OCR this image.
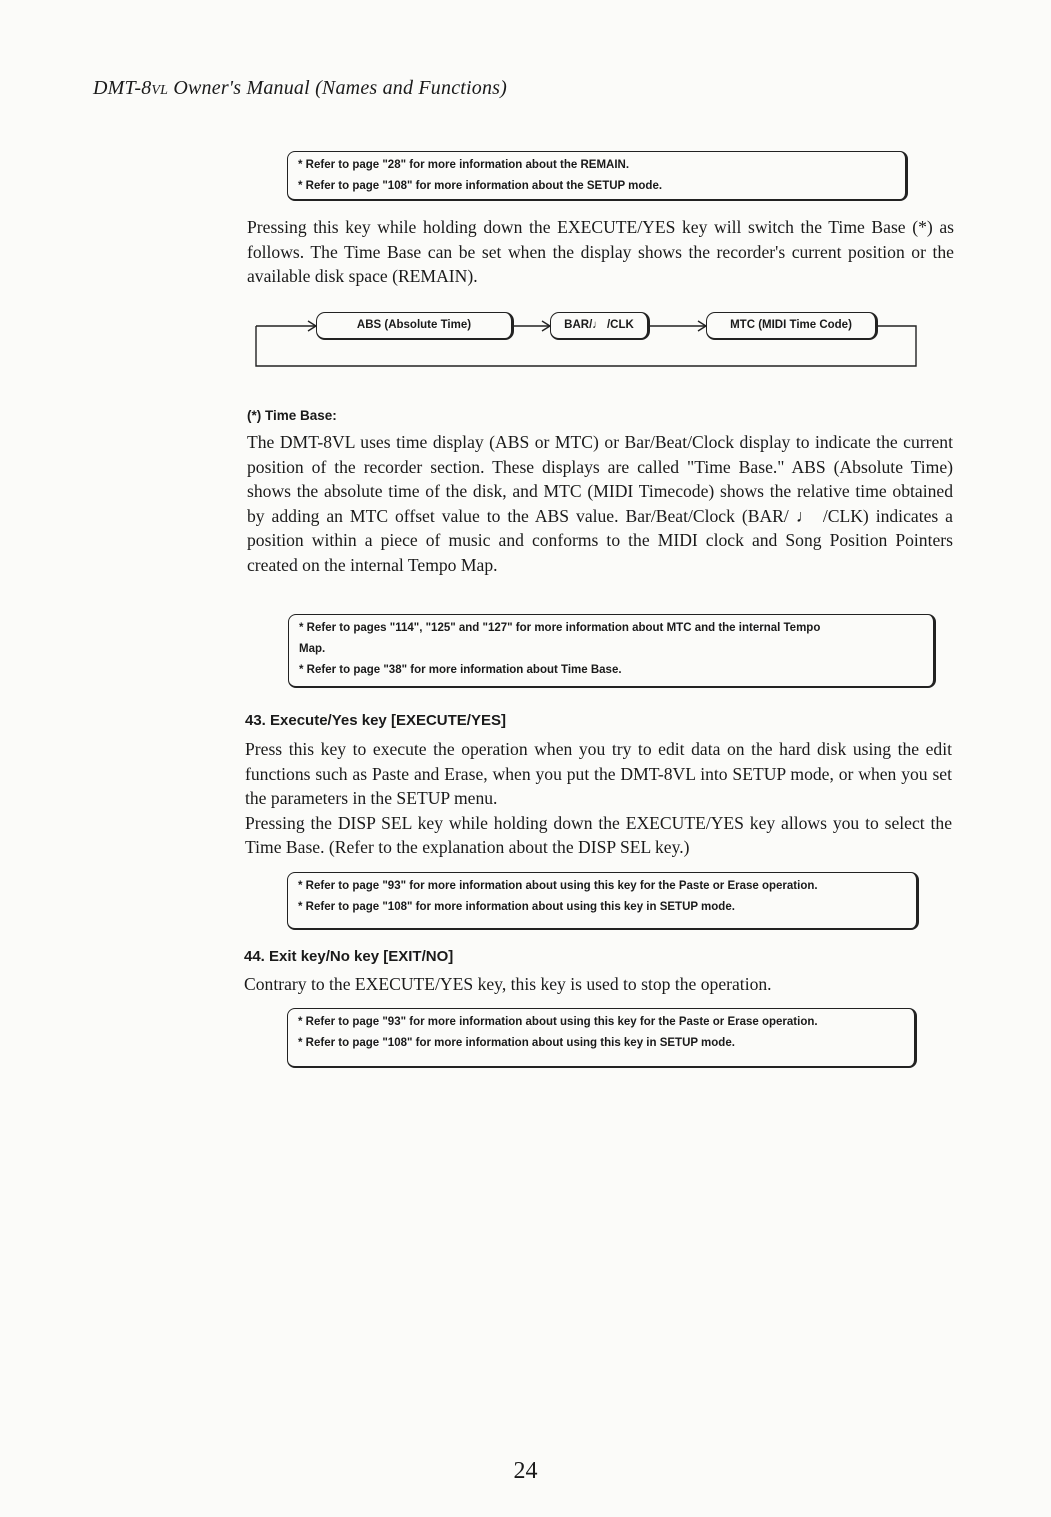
DMT-8VL Owner's Manual (Names and Functions)
* Refer to page "28" for more information about the REMAIN.
* Refer to page "108" for more information about the SETUP mode.

Pressing this key while holding down the EXECUTE/YES key will switch the Time Base (*) as follows. The Time Base can be set when the display shows the recorder's current position or the available disk space (REMAIN).

ABS (Absolute Time)	BAR/♩ /CLK	MTC (MIDI Time Code)
(*) Time Base:

The DMT-8VL uses time display (ABS or MTC) or Bar/Beat/Clock display to indicate the current position of the recorder section. These displays are called "Time Base." ABS (Absolute Time) shows the absolute time of the disk, and MTC (MIDI Timecode) shows the relative time obtained by adding an MTC offset value to the ABS value. Bar/Beat/Clock (BAR/ ♩ /CLK) indicates a position within a piece of music and conforms to the MIDI clock and Song Position Pointers created on the internal Tempo Map.

* Refer to pages "114", "125" and "127" for more information about MTC and the internal Tempo
Map.
* Refer to page "38" for more information about Time Base.
43. Execute/Yes key [EXECUTE/YES]

Press this key to execute the operation when you try to edit data on the hard disk using the edit functions such as Paste and Erase, when you put the DMT-8VL into SETUP mode, or when you set the parameters in the SETUP menu.

Pressing the DISP SEL key while holding down the EXECUTE/YES key allows you to select the Time Base. (Refer to the explanation about the DISP SEL key.)

* Refer to page "93" for more information about using this key for the Paste or Erase operation.
* Refer to page "108" for more information about using this key in SETUP mode.
44. Exit key/No key [EXIT/NO]

Contrary to the EXECUTE/YES key, this key is used to stop the operation.

* Refer to page "93" for more information about using this key for the Paste or Erase operation.
* Refer to page "108" for more information about using this key in SETUP mode.
24
